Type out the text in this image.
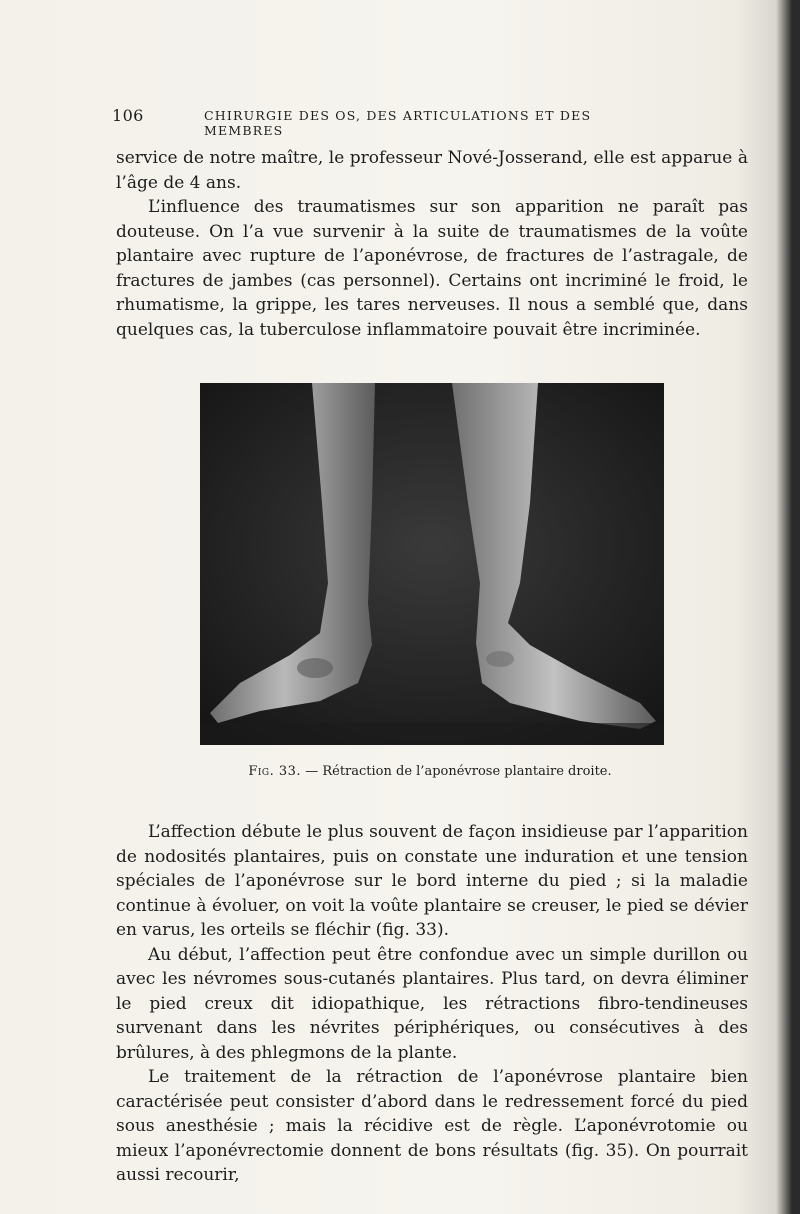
106	CHIRURGIE DES OS, DES ARTICULATIONS ET DES MEMBRES

service de notre maître, le professeur Nové-Josserand, elle est apparue à l’âge de 4 ans.

L’influence des traumatismes sur son apparition ne paraît pas douteuse. On l’a vue survenir à la suite de traumatismes de la voûte plantaire avec rupture de l’aponévrose, de fractures de l’astragale, de fractures de jambes (cas personnel). Certains ont incriminé le froid, le rhumatisme, la grippe, les tares nerveuses. Il nous a semblé que, dans quelques cas, la tuberculose inflammatoire pouvait être incriminée.

Fig. 33. — Rétraction de l’aponévrose plantaire droite.

L’affection débute le plus souvent de façon insidieuse par l’apparition de nodosités plantaires, puis on constate une induration et une tension spéciales de l’aponévrose sur le bord interne du pied ; si la maladie continue à évoluer, on voit la voûte plantaire se creuser, le pied se dévier en varus, les orteils se fléchir (fig. 33).

Au début, l’affection peut être confondue avec un simple durillon ou avec les névromes sous-cutanés plantaires. Plus tard, on devra éliminer le pied creux dit idiopathique, les rétractions fibro-tendineuses survenant dans les névrites périphériques, ou consécutives à des brûlures, à des phlegmons de la plante.

Le traitement de la rétraction de l’aponévrose plantaire bien caractérisée peut consister d’abord dans le redressement forcé du pied sous anesthésie ; mais la récidive est de règle. L’aponévrotomie ou mieux l’aponévrectomie donnent de bons résultats (fig. 35). On pourrait aussi recourir,
